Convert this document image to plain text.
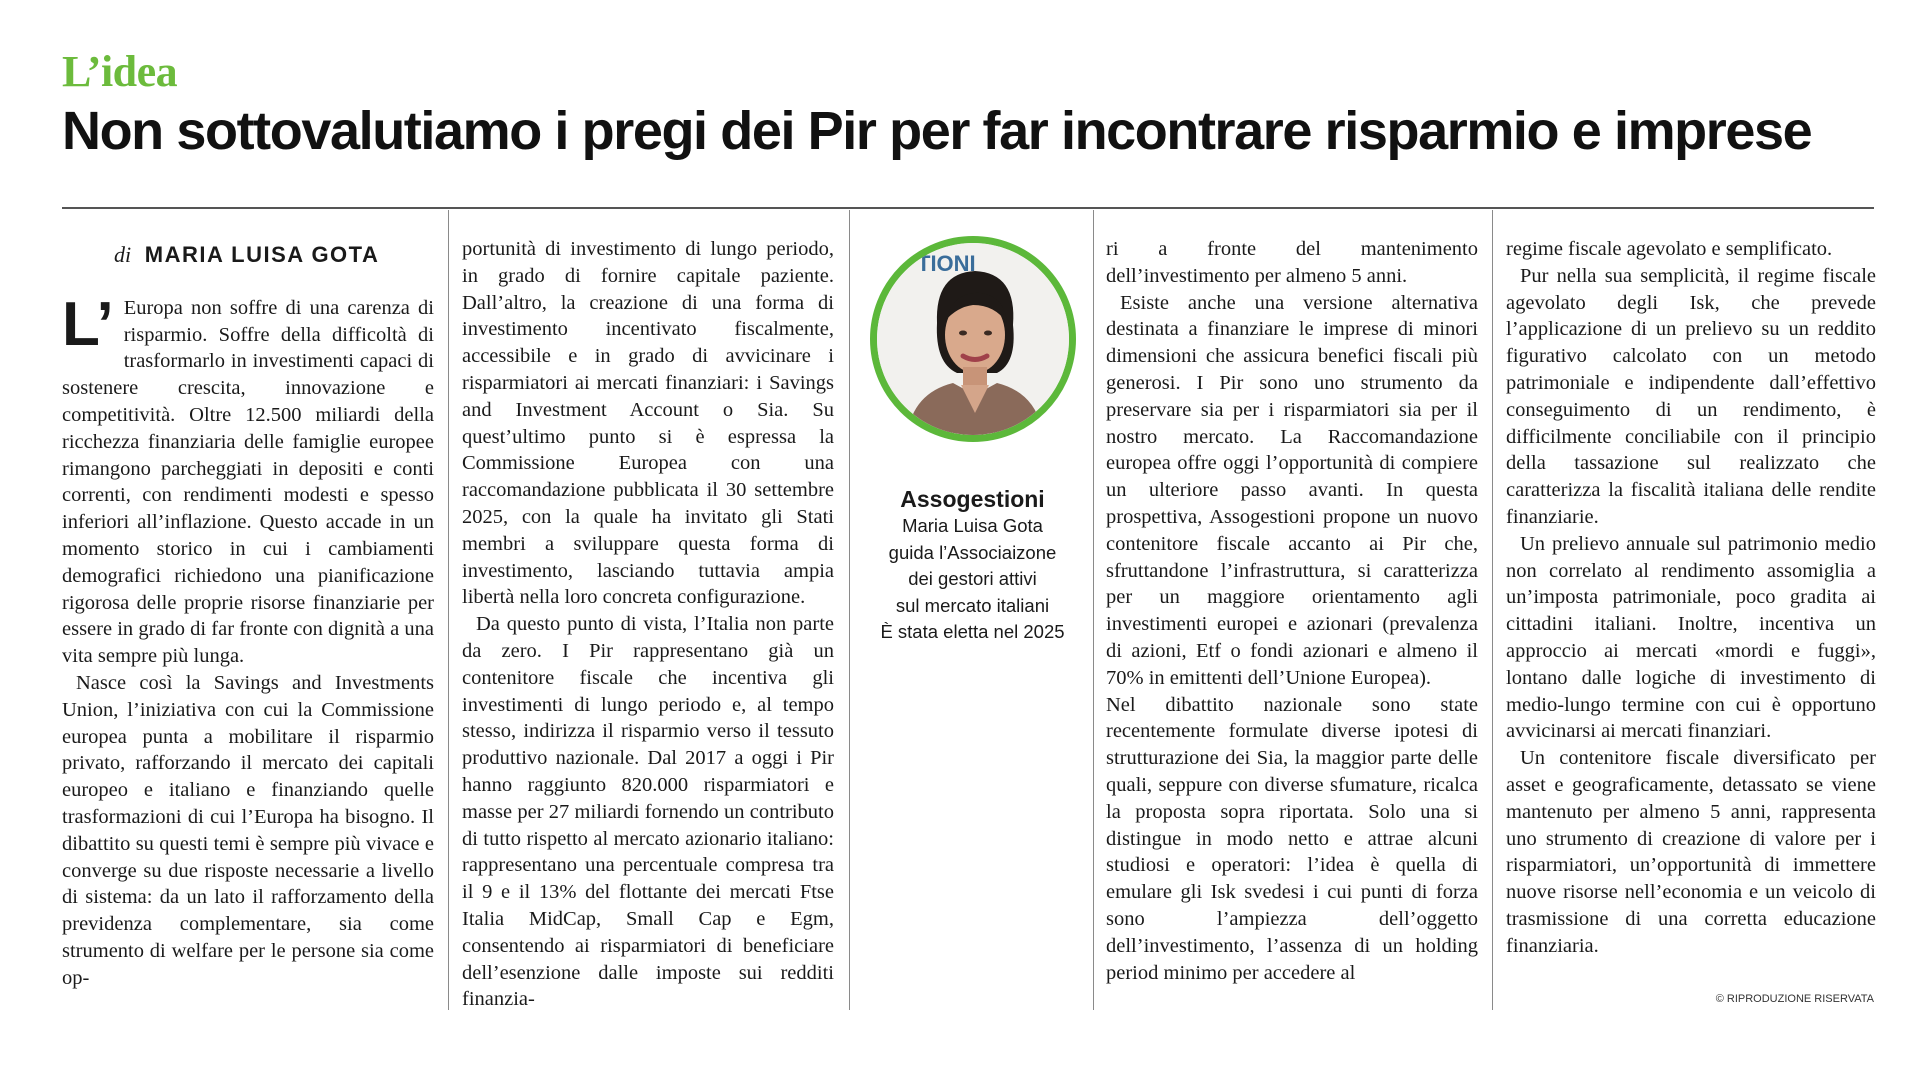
L’idea

Non sottovalutiamo i pregi dei Pir per far incontrare risparmio e imprese
di MARIA LUISA GOTA

L’ Europa non soffre di una carenza di risparmio. Soffre della difficoltà di trasformarlo in investimenti capaci di sostenere crescita, innovazione e competitività. Oltre 12.500 miliardi della ricchezza finanziaria delle famiglie europee rimangono parcheggiati in depositi e conti correnti, con rendimenti modesti e spesso inferiori all’inflazione. Questo accade in un momento storico in cui i cambiamenti demografici richiedono una pianificazione rigorosa delle proprie risorse finanziarie per essere in grado di far fronte con dignità a una vita sempre più lunga.

Nasce così la Savings and Investments Union, l’iniziativa con cui la Commissione europea punta a mobilitare il risparmio privato, rafforzando il mercato dei capitali europeo e italiano e finanziando quelle trasformazioni di cui l’Europa ha bisogno. Il dibattito su questi temi è sempre più vivace e converge su due risposte necessarie a livello di sistema: da un lato il rafforzamento della previdenza complementare, sia come strumento di welfare per le persone sia come op-

portunità di investimento di lungo periodo, in grado di fornire capitale paziente. Dall’altro, la creazione di una forma di investimento incentivato fiscalmente, accessibile e in grado di avvicinare i risparmiatori ai mercati finanziari: i Savings and Investment Account o Sia. Su quest’ultimo punto si è espressa la Commissione Europea con una raccomandazione pubblicata il 30 settembre 2025, con la quale ha invitato gli Stati membri a sviluppare questa forma di investimento, lasciando tuttavia ampia libertà nella loro concreta configurazione.

Da questo punto di vista, l’Italia non parte da zero. I Pir rappresentano già un contenitore fiscale che incentiva gli investimenti di lungo periodo e, al tempo stesso, indirizza il risparmio verso il tessuto produttivo nazionale. Dal 2017 a oggi i Pir hanno raggiunto 820.000 risparmiatori e masse per 27 miliardi fornendo un contributo di tutto rispetto al mercato azionario italiano: rappresentano una percentuale compresa tra il 9 e il 13% del flottante dei mercati Ftse Italia MidCap, Small Cap e Egm, consentendo ai risparmiatori di beneficiare dell’esenzione dalle imposte sui redditi finanzia-

TIONI
Assogestioni
Maria Luisa Gota
guida l’Associaizone
dei gestori attivi
sul mercato italiani
È stata eletta nel 2025

ri a fronte del mantenimento dell’investimento per almeno 5 anni.

Esiste anche una versione alternativa destinata a finanziare le imprese di minori dimensioni che assicura benefici fiscali più generosi. I Pir sono uno strumento da preservare sia per i risparmiatori sia per il nostro mercato. La Raccomandazione europea offre oggi l’opportunità di compiere un ulteriore passo avanti. In questa prospettiva, Assogestioni propone un nuovo contenitore fiscale accanto ai Pir che, sfruttandone l’infrastruttura, si caratterizza per un maggiore orientamento agli investimenti europei e azionari (prevalenza di azioni, Etf o fondi azionari e almeno il 70% in emittenti dell’Unione Europea).

Nel dibattito nazionale sono state recentemente formulate diverse ipotesi di strutturazione dei Sia, la maggior parte delle quali, seppure con diverse sfumature, ricalca la proposta sopra riportata. Solo una si distingue in modo netto e attrae alcuni studiosi e operatori: l’idea è quella di emulare gli Isk svedesi i cui punti di forza sono l’ampiezza dell’oggetto dell’investimento, l’assenza di un holding period minimo per accedere al

regime fiscale agevolato e semplificato.

Pur nella sua semplicità, il regime fiscale agevolato degli Isk, che prevede l’applicazione di un prelievo su un reddito figurativo calcolato con un metodo patrimoniale e indipendente dall’effettivo conseguimento di un rendimento, è difficilmente conciliabile con il principio della tassazione sul realizzato che caratterizza la fiscalità italiana delle rendite finanziarie.

Un prelievo annuale sul patrimonio medio non correlato al rendimento assomiglia a un’imposta patrimoniale, poco gradita ai cittadini italiani. Inoltre, incentiva un approccio ai mercati «mordi e fuggi», lontano dalle logiche di investimento di medio-lungo termine con cui è opportuno avvicinarsi ai mercati finanziari.

Un contenitore fiscale diversificato per asset e geograficamente, detassato se viene mantenuto per almeno 5 anni, rappresenta uno strumento di creazione di valore per i risparmiatori, un’opportunità di immettere nuove risorse nell’economia e un veicolo di trasmissione di una corretta educazione finanziaria.

© RIPRODUZIONE RISERVATA
